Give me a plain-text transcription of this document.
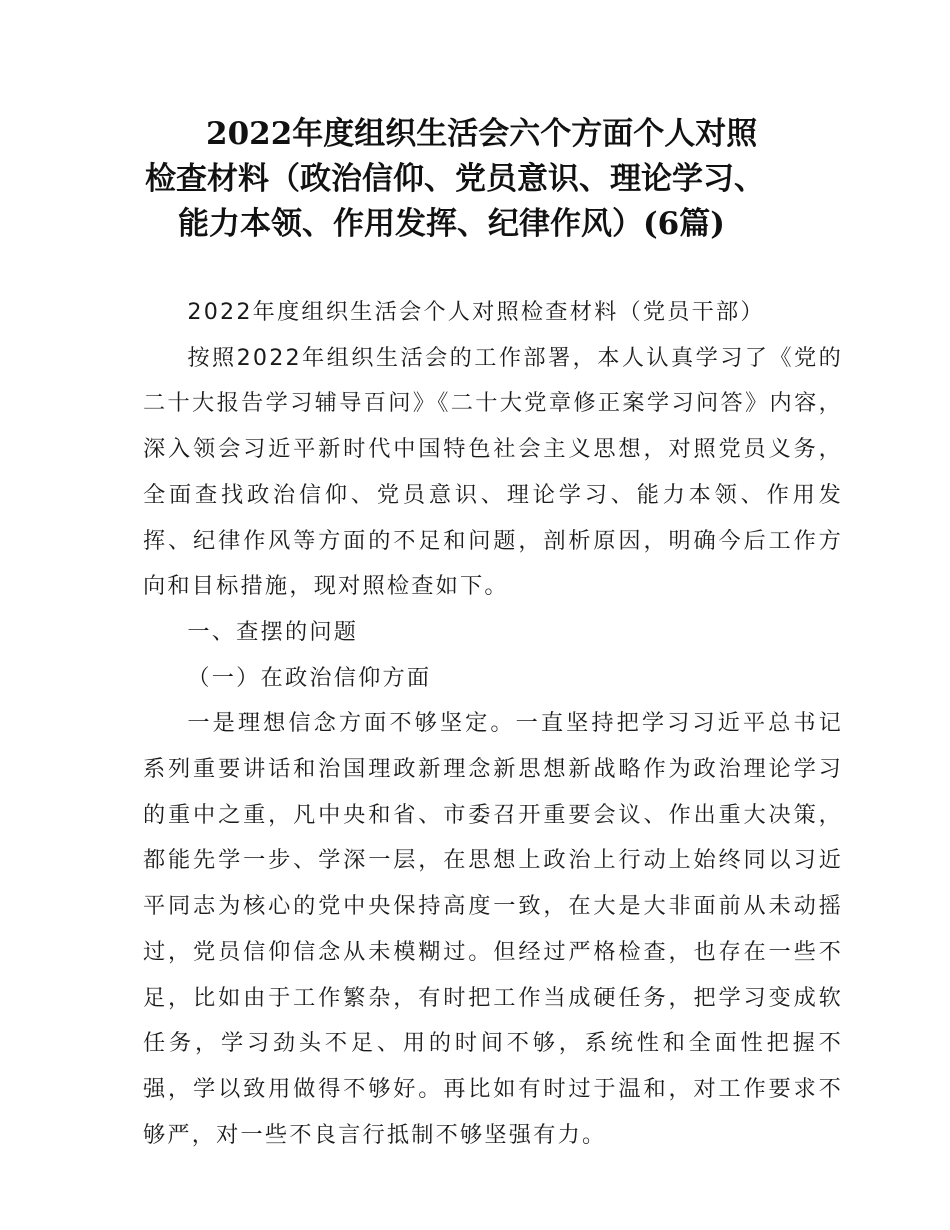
2022年度组织生活会六个方面个人对照
检查材料（政治信仰、党员意识、理论学习、
能力本领、作用发挥、纪律作风）(6篇)

2022年度组织生活会个人对照检查材料（党员干部）

按照2022年组织生活会的工作部署，本人认真学习了《党的二十大报告学习辅导百问》《二十大党章修正案学习问答》内容，深入领会习近平新时代中国特色社会主义思想，对照党员义务，全面查找政治信仰、党员意识、理论学习、能力本领、作用发挥、纪律作风等方面的不足和问题，剖析原因，明确今后工作方向和目标措施，现对照检查如下。

一、查摆的问题

（一）在政治信仰方面

一是理想信念方面不够坚定。一直坚持把学习习近平总书记系列重要讲话和治国理政新理念新思想新战略作为政治理论学习的重中之重，凡中央和省、市委召开重要会议、作出重大决策，都能先学一步、学深一层，在思想上政治上行动上始终同以习近平同志为核心的党中央保持高度一致，在大是大非面前从未动摇过，党员信仰信念从未模糊过。但经过严格检查，也存在一些不足，比如由于工作繁杂，有时把工作当成硬任务，把学习变成软任务，学习劲头不足、用的时间不够，系统性和全面性把握不强，学以致用做得不够好。再比如有时过于温和，对工作要求不够严，对一些不良言行抵制不够坚强有力。
